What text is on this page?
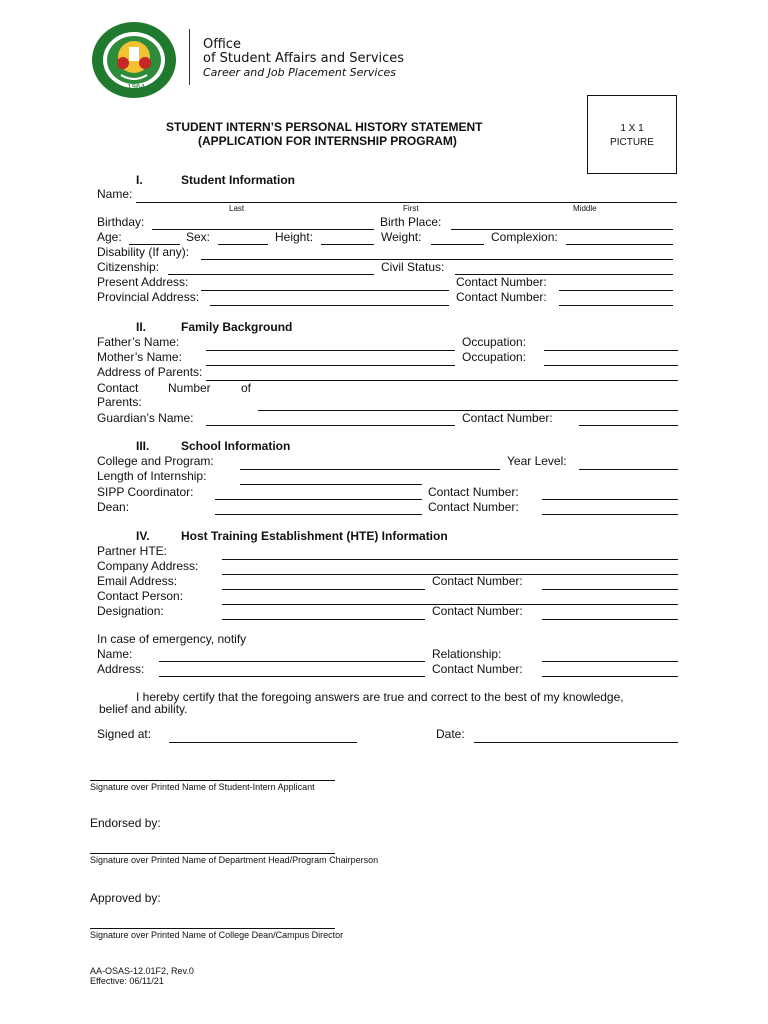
1964
Office
of Student Affairs and Services
Career and Job Placement Services
STUDENT INTERN’S PERSONAL HISTORY STATEMENT
(APPLICATION FOR INTERNSHIP PROGRAM)
1 X 1
PICTURE
I.	Student Information
Name:
Last	First	Middle
Birthday:	Birth Place:
Age:	Sex:	Height:	Weight:	Complexion:
Disability (If any):
Citizenship:	Civil Status:
Present Address:	Contact Number:
Provincial Address:	Contact Number:
II.	Family Background
Father’s Name:	Occupation:
Mother’s Name:	Occupation:
Address of Parents:
Contact Number	of
Parents:
Guardian’s Name:	Contact Number:
III.	School Information
College and Program:	Year Level:
Length of Internship:
SIPP Coordinator:	Contact Number:
Dean:	Contact Number:
IV.	Host Training Establishment (HTE) Information
Partner HTE:
Company Address:
Email Address:	Contact Number:
Contact Person:
Designation:	Contact Number:
In case of emergency, notify
Name:	Relationship:
Address:	Contact Number:
I hereby certify that the foregoing answers are true and correct to the best of my knowledge,
belief and ability.
Signed at:	Date:
Signature over Printed Name of Student-Intern Applicant
Endorsed by:
Signature over Printed Name of Department Head/Program Chairperson
Approved by:
Signature over Printed Name of College Dean/Campus Director
AA-OSAS-12.01F2, Rev.0
Effective: 06/11/21
